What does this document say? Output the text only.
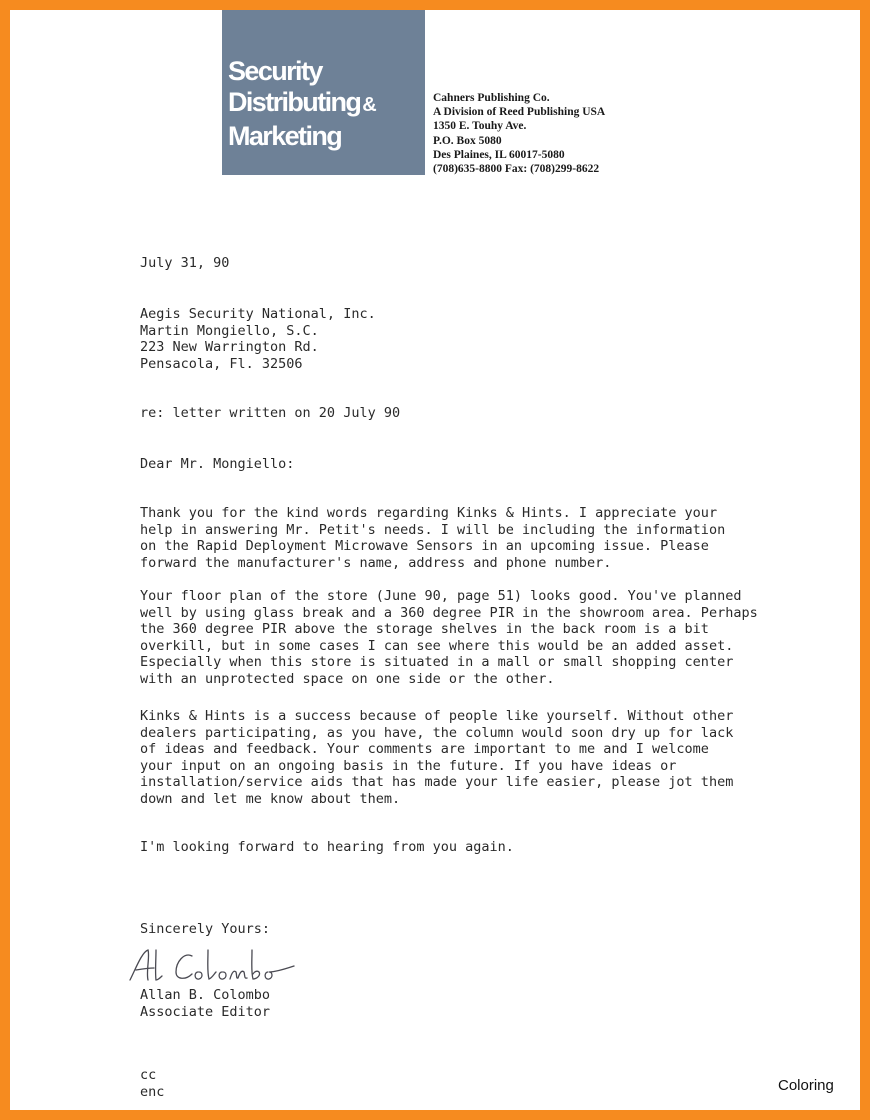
Security
Distributing &
Marketing
Cahners Publishing Co.
A Division of Reed Publishing USA
1350 E. Touhy Ave.
P.O. Box 5080
Des Plaines, IL 60017-5080
(708)635-8800 Fax: (708)299-8622
July 31, 90
Aegis Security National, Inc.
Martin Mongiello, S.C.
223 New Warrington Rd.
Pensacola, Fl. 32506
re: letter written on 20 July 90
Dear Mr. Mongiello:
Thank you for the kind words regarding Kinks & Hints. I appreciate your
help in answering Mr. Petit's needs. I will be including the information
on the Rapid Deployment Microwave Sensors in an upcoming issue. Please
forward the manufacturer's name, address and phone number.
Your floor plan of the store (June 90, page 51) looks good. You've planned
well by using glass break and a 360 degree PIR in the showroom area. Perhaps
the 360 degree PIR above the storage shelves in the back room is a bit
overkill, but in some cases I can see where this would be an added asset.
Especially when this store is situated in a mall or small shopping center
with an unprotected space on one side or the other.
Kinks & Hints is a success because of people like yourself. Without other
dealers participating, as you have, the column would soon dry up for lack
of ideas and feedback. Your comments are important to me and I welcome
your input on an ongoing basis in the future. If you have ideas or
installation/service aids that has made your life easier, please jot them
down and let me know about them.
I'm looking forward to hearing from you again.
Sincerely Yours:
Allan B. Colombo
Associate Editor
cc
enc	Coloring
